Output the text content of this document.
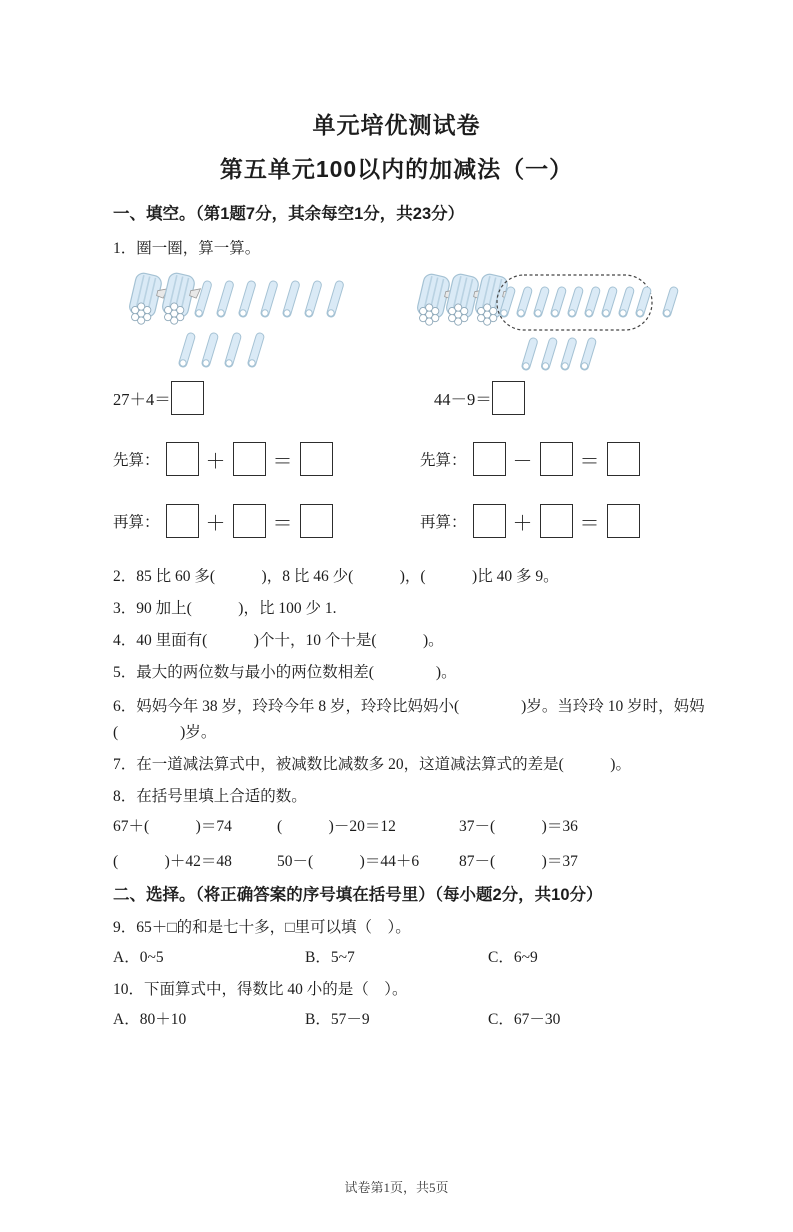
单元培优测试卷
第五单元100以内的加减法（一）
一、填空。（第1题7分，其余每空1分，共23分）
1．圈一圈，算一算。
27＋4＝
先算： ＋ ＝
再算： ＋ ＝
44－9＝
先算： － ＝
再算： ＋ ＝
2．85 比 60 多(　　　)，8 比 46 少(　　　)，(　　　)比 40 多 9。
3．90 加上(　　　)，比 100 少 1.
4．40 里面有(　　　)个十，10 个十是(　　　)。
5．最大的两位数与最小的两位数相差(　　　　)。
6．妈妈今年 38 岁，玲玲今年 8 岁，玲玲比妈妈小(　　　　)岁。当玲玲 10 岁时，妈妈(　　　　)岁。
7．在一道减法算式中，被减数比减数多 20，这道减法算式的差是(　　　)。
8．在括号里填上合适的数。
67＋(　　　)＝74	(　　　)－20＝12	37－(　　　)＝36
(　　　)＋42＝48	50－(　　　)＝44＋6	87－(　　　)＝37
二、选择。（将正确答案的序号填在括号里）（每小题2分，共10分）
9．65＋□的和是七十多，□里可以填（　）。
A．0~5	B．5~7	C．6~9
10．下面算式中，得数比 40 小的是（　）。
A．80＋10	B．57－9	C．67－30
试卷第1页，共5页
